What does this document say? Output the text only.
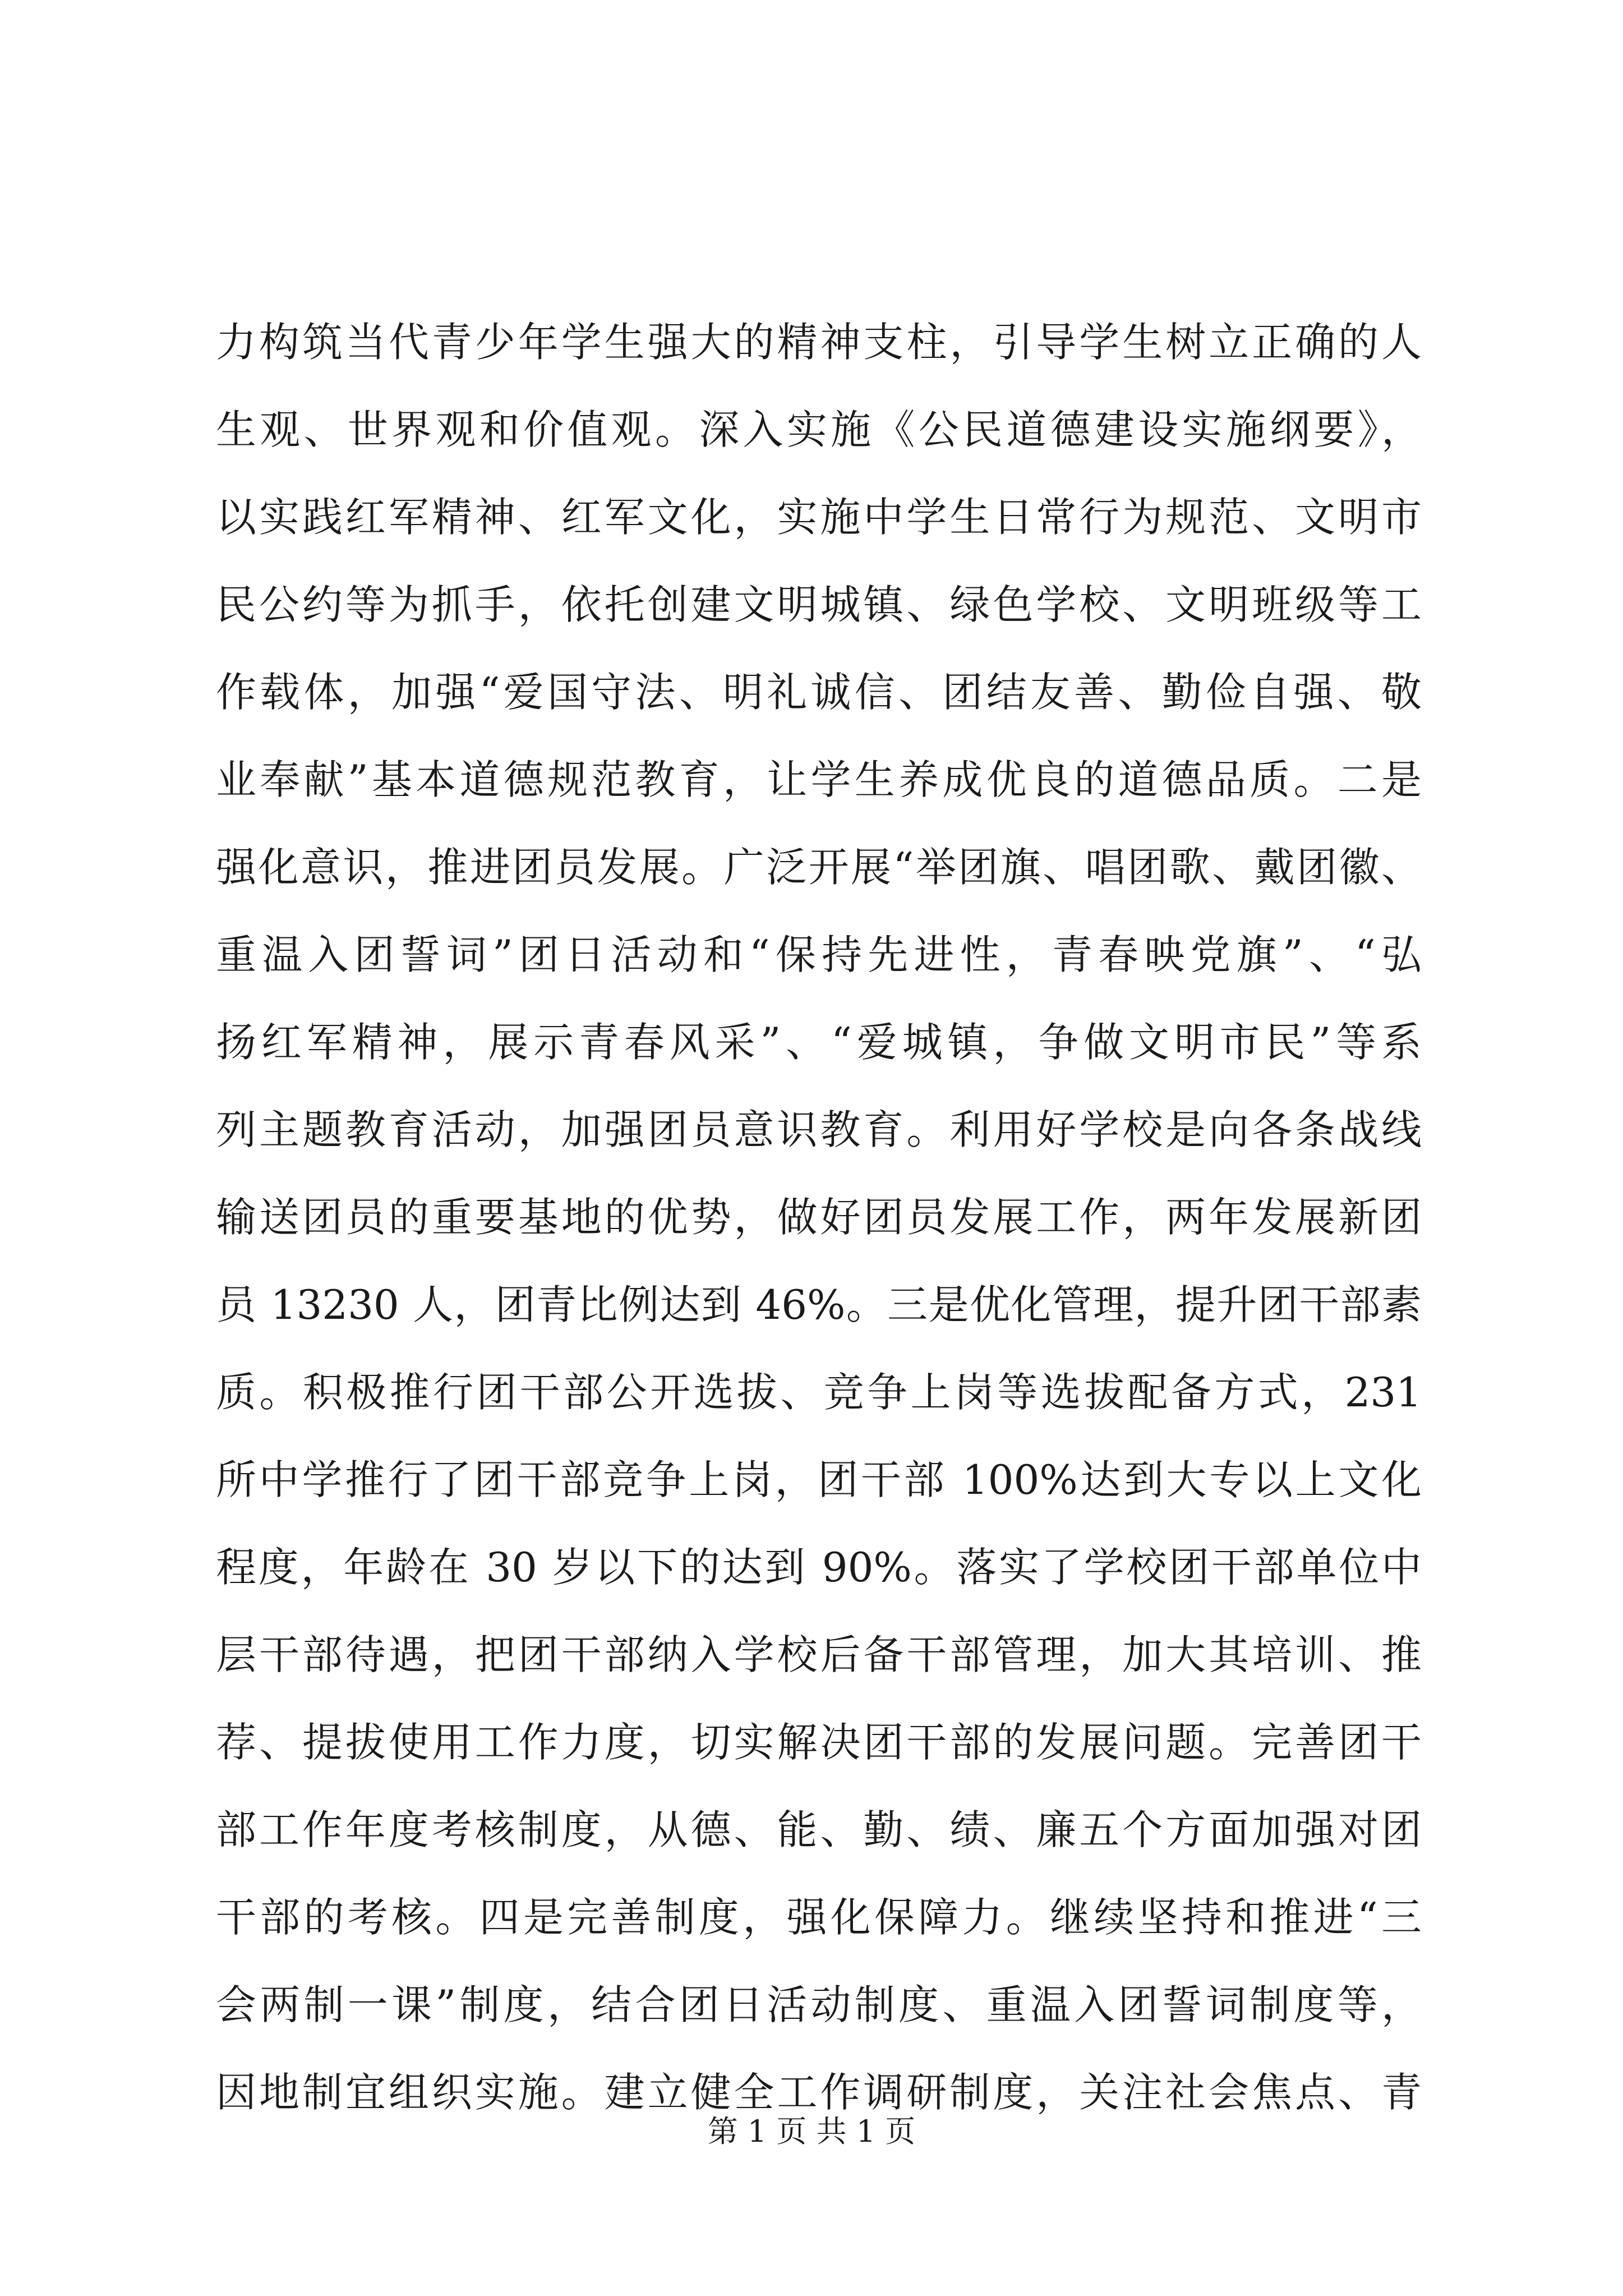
力构筑当代青少年学生强大的精神支柱，引导学生树立正确的人
生观、世界观和价值观。深入实施《公民道德建设实施纲要》，
以实践红军精神、红军文化，实施中学生日常行为规范、文明市
民公约等为抓手，依托创建文明城镇、绿色学校、文明班级等工
作载体，加强“爱国守法、明礼诚信、团结友善、勤俭自强、敬
业奉献”基本道德规范教育，让学生养成优良的道德品质。二是
强化意识，推进团员发展。广泛开展“举团旗、唱团歌、戴团徽、
重温入团誓词”团日活动和“保持先进性，青春映党旗”、“弘
扬红军精神，展示青春风采”、“爱城镇，争做文明市民”等系
列主题教育活动，加强团员意识教育。利用好学校是向各条战线
输送团员的重要基地的优势，做好团员发展工作，两年发展新团
员 13230 人，团青比例达到 46%。三是优化管理，提升团干部素
质。积极推行团干部公开选拔、竞争上岗等选拔配备方式，231
所中学推行了团干部竞争上岗，团干部 100%达到大专以上文化
程度，年龄在 30 岁以下的达到 90%。落实了学校团干部单位中
层干部待遇，把团干部纳入学校后备干部管理，加大其培训、推
荐、提拔使用工作力度，切实解决团干部的发展问题。完善团干
部工作年度考核制度，从德、能、勤、绩、廉五个方面加强对团
干部的考核。四是完善制度，强化保障力。继续坚持和推进“三
会两制一课”制度，结合团日活动制度、重温入团誓词制度等，
因地制宜组织实施。建立健全工作调研制度，关注社会焦点、青
第 1 页 共 1 页
